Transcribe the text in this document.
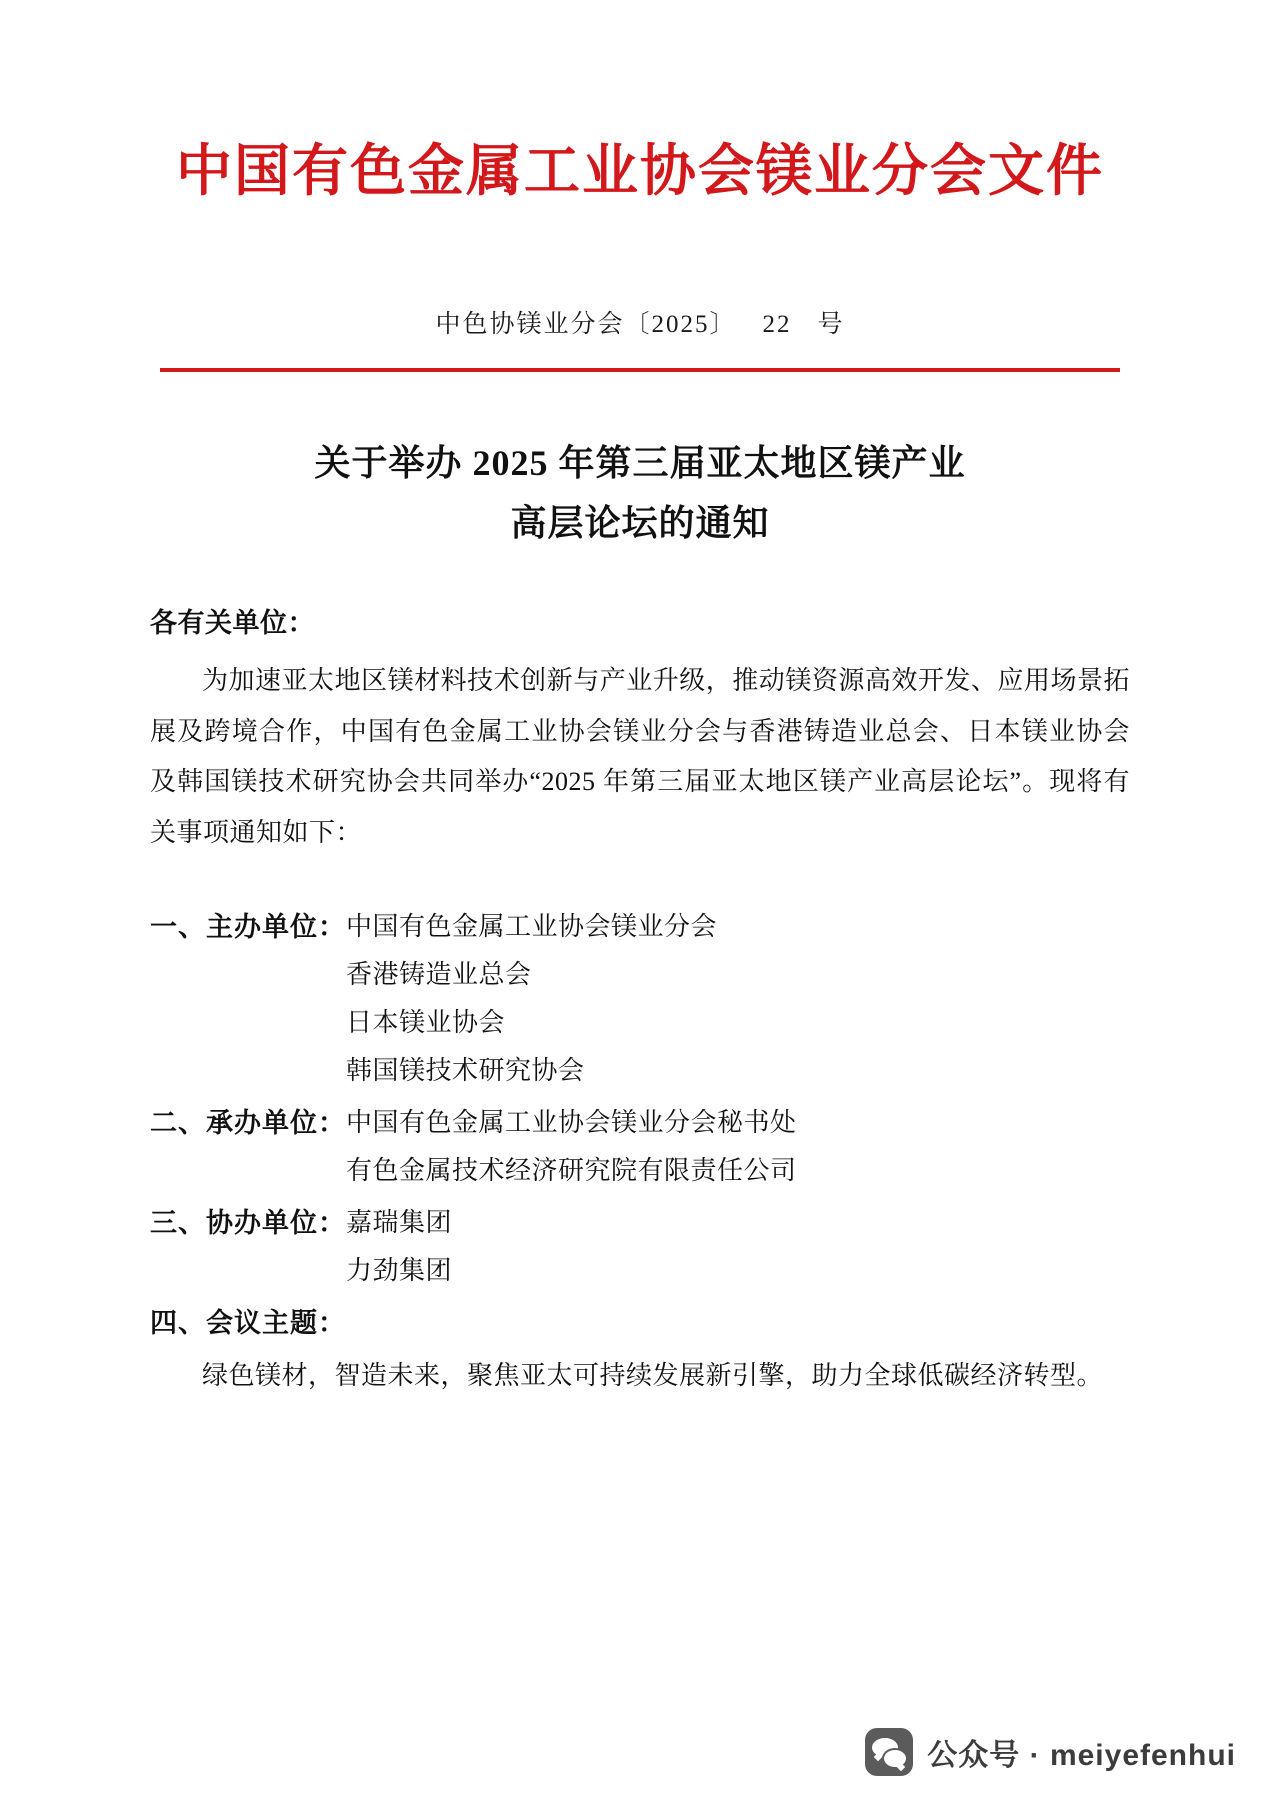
中国有色金属工业协会镁业分会文件
中色协镁业分会〔2025〕 22 号
关于举办 2025 年第三届亚太地区镁产业
高层论坛的通知
各有关单位：

为加速亚太地区镁材料技术创新与产业升级，推动镁资源高效开发、应用场景拓展及跨境合作，中国有色金属工业协会镁业分会与香港铸造业总会、日本镁业协会及韩国镁技术研究协会共同举办“2025 年第三届亚太地区镁产业高层论坛”。现将有关事项通知如下：

一、主办单位： 中国有色金属工业协会镁业分会
香港铸造业总会
日本镁业协会
韩国镁技术研究协会
二、承办单位： 中国有色金属工业协会镁业分会秘书处
有色金属技术经济研究院有限责任公司
三、协办单位： 嘉瑞集团
力劲集团
四、会议主题：
绿色镁材，智造未来，聚焦亚太可持续发展新引擎，助力全球低碳经济转型。
公众号 · meiyefenhui
